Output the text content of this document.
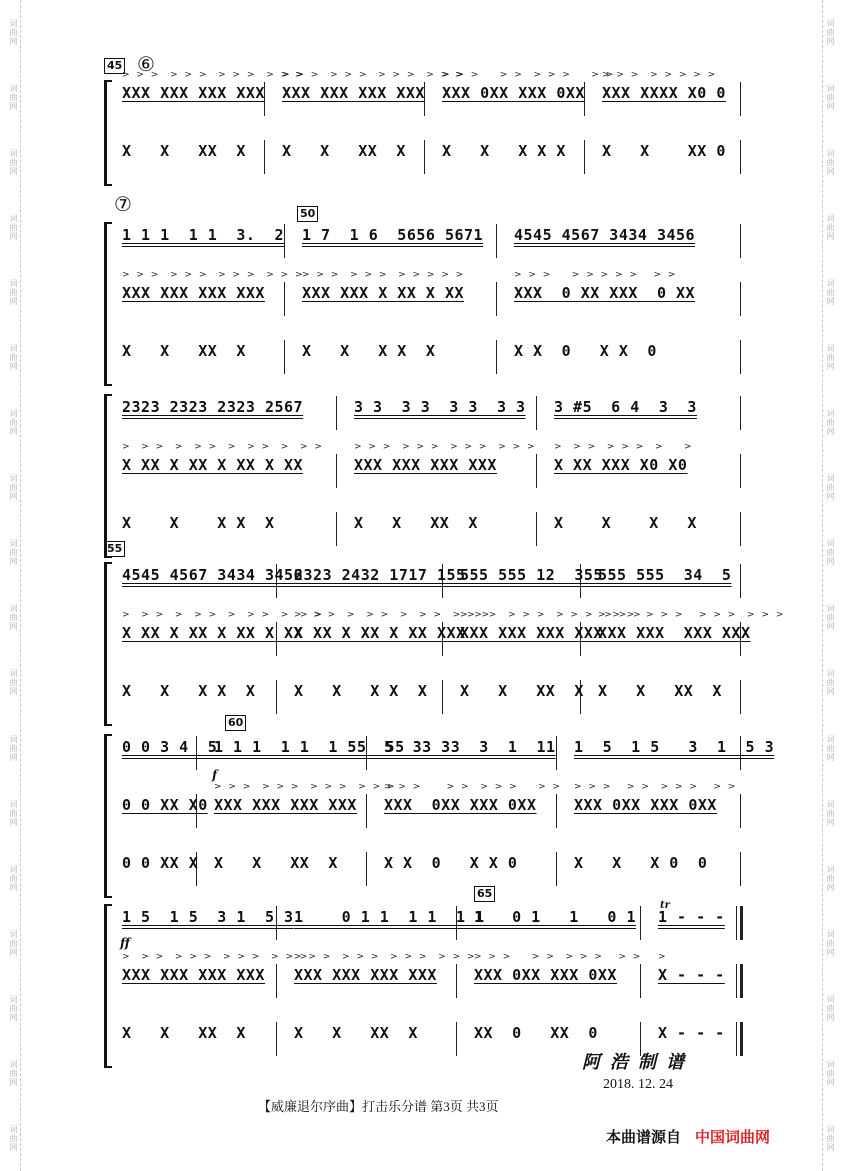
词曲网
词曲网
词曲网
词曲网
词曲网
词曲网
词曲网
词曲网
词曲网
词曲网
词曲网
词曲网
词曲网
词曲网
词曲网
词曲网
词曲网
词曲网
词曲网
词曲网
词曲网
词曲网
词曲网
词曲网
词曲网
词曲网
词曲网
词曲网
词曲网
词曲网
词曲网
词曲网
词曲网
词曲网
词曲网
词曲网
45 ⑥
⑦	50
55
60
65
f
ff
tr
XXX XXX XXX XXX
> > >  > > >  > > >  > > >
XXX XXX XXX XXX
> > >  > > >  > > >  > > >
XXX 0XX XXX 0XX
> > >    > >  > > >    > >
XXX XXXX X0 0
> > >  > > > > >
X   X   XX  X X   X   XX  X X   X   X X X X   X    XX 0
1 1 1  1 1  3.  2 1 7  1 6  5656 5671 4545 4567 3434 3456
XXX XXX XXX XXX
> > >  > > >  > > >  > > >
XXX XXX X XX X XX
> > >  > > >  > > > > >
XXX  0 XX XXX  0 XX
> > >    > > > > >   > >
X   X   XX  X	X   X   X X  X	X X  0   X X  0
2323 2323 2323 2567	3 3  3 3  3 3  3 3 3 #5  6 4  3  3
X XX X XX X XX X XX
>  > >  >  > >  >  > >  >  > >
XXX XXX XXX XXX
> > >  > > >  > > >  > > >
X XX XXX X0 X0
>  > >  > > >  >    >
X    X    X X  X	X   X   XX  X	X    X    X   X
4545 4567 3434 3456
2323 2432 1717 155
555 555 12  355
555 555  34  5
X XX X XX X XX X XX
>  > >  >  > >  >  > >  >  > >
X XX X XX X XX XXX
>  > >  >  > >  >  > >  > > >
XXX XXX XXX XXX
> > >  > > >  > > >  > > >
XXX XXX  XXX XXX
> > >  > > >   > > >  > > >
X   X   X X  X	X   X   X X  X X   X   XX  X X   X   XX  X
0 0 3 4  5
1 1 1  1 1  1 55  55
5  33 33  3  1  11 1  5  1 5   3  1  5 3
0 0 XX X0 XXX XXX XXX XXX
> > >  > > >  > > >  > > >
XXX  0XX XXX 0XX
> > >     > >  > > >    > >
XXX 0XX XXX 0XX
> > >   > >  > > >   > >
0 0 XX X X   X   XX  X	X X  0   X X 0	X   X   X 0  0
1 5  1 5  3 1  5 3 1    0 1 1  1 1  1 1
1   0 1   1   0 1 1 - - -
XXX XXX XXX XXX
>  > >  > > >  > > >  > > >
XXX XXX XXX XXX
> > >  > > >  > > >  > > >
XXX 0XX XXX 0XX
> > >    > >  > > >   > >
X - - -
>
X   X   XX  X	X   X   XX  X	XX  0   XX  0	X - - -
阿浩制谱
2018. 12. 24
【威廉退尔序曲】打击乐分谱 第3页 共3页
本曲谱源自 中国词曲网
